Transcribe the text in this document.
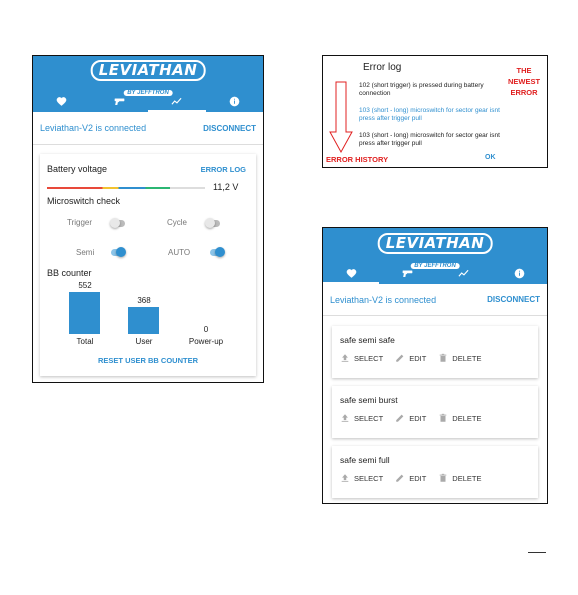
LEVIATHAN
BY JEFFTRON
Leviathan-V2 is connected	DISCONNECT
Battery voltage	ERROR LOG
11,2 V
Microswitch check
Trigger	Cycle
Semi	AUTO
BB counter
552
Total
368
User
0
Power-up
RESET USER BB COUNTER
Error log
102 (short trigger) is pressed during battery connection
103 (short - long) microswitch for sector gear isnt press after trigger pull
103 (short - long) microswitch for sector gear isnt press after trigger pull
OK
THE NEWEST ERROR
ERROR HISTORY
LEVIATHAN
BY JEFFTRON
Leviathan-V2 is connected	DISCONNECT
safe semi safe
SELECT	EDIT	DELETE
safe semi burst
SELECT	EDIT	DELETE
safe semi full
SELECT	EDIT	DELETE
